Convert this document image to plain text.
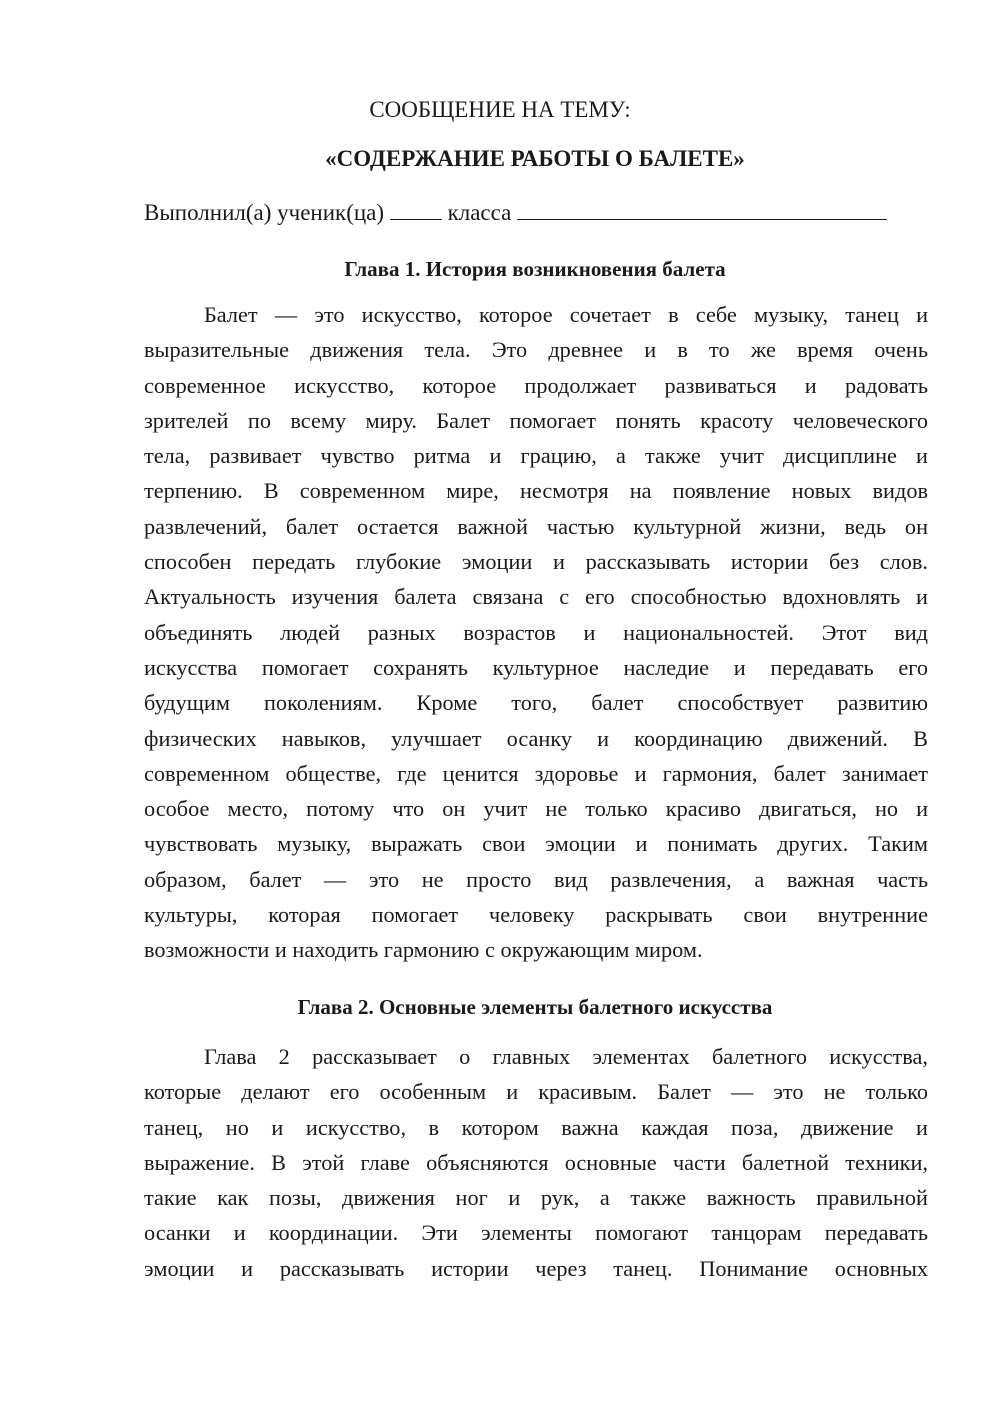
СООБЩЕНИЕ НА ТЕМУ:
«СОДЕРЖАНИЕ РАБОТЫ О БАЛЕТЕ»
Выполнил(а) ученик(ца)	класса
Глава 1. История возникновения балета
Балет — это искусство, которое сочетает в себе музыку, танец и
выразительные движения тела. Это древнее и в то же время очень
современное искусство, которое продолжает развиваться и радовать
зрителей по всему миру. Балет помогает понять красоту человеческого
тела, развивает чувство ритма и грацию, а также учит дисциплине и
терпению. В современном мире, несмотря на появление новых видов
развлечений, балет остается важной частью культурной жизни, ведь он
способен передать глубокие эмоции и рассказывать истории без слов.
Актуальность изучения балета связана с его способностью вдохновлять и
объединять людей разных возрастов и национальностей. Этот вид
искусства помогает сохранять культурное наследие и передавать его
будущим поколениям. Кроме того, балет способствует развитию
физических навыков, улучшает осанку и координацию движений. В
современном обществе, где ценится здоровье и гармония, балет занимает
особое место, потому что он учит не только красиво двигаться, но и
чувствовать музыку, выражать свои эмоции и понимать других. Таким
образом, балет — это не просто вид развлечения, а важная часть
культуры, которая помогает человеку раскрывать свои внутренние
возможности и находить гармонию с окружающим миром.
Глава 2. Основные элементы балетного искусства
Глава 2 рассказывает о главных элементах балетного искусства,
которые делают его особенным и красивым. Балет — это не только
танец, но и искусство, в котором важна каждая поза, движение и
выражение. В этой главе объясняются основные части балетной техники,
такие как позы, движения ног и рук, а также важность правильной
осанки и координации. Эти элементы помогают танцорам передавать
эмоции и рассказывать истории через танец. Понимание основных
